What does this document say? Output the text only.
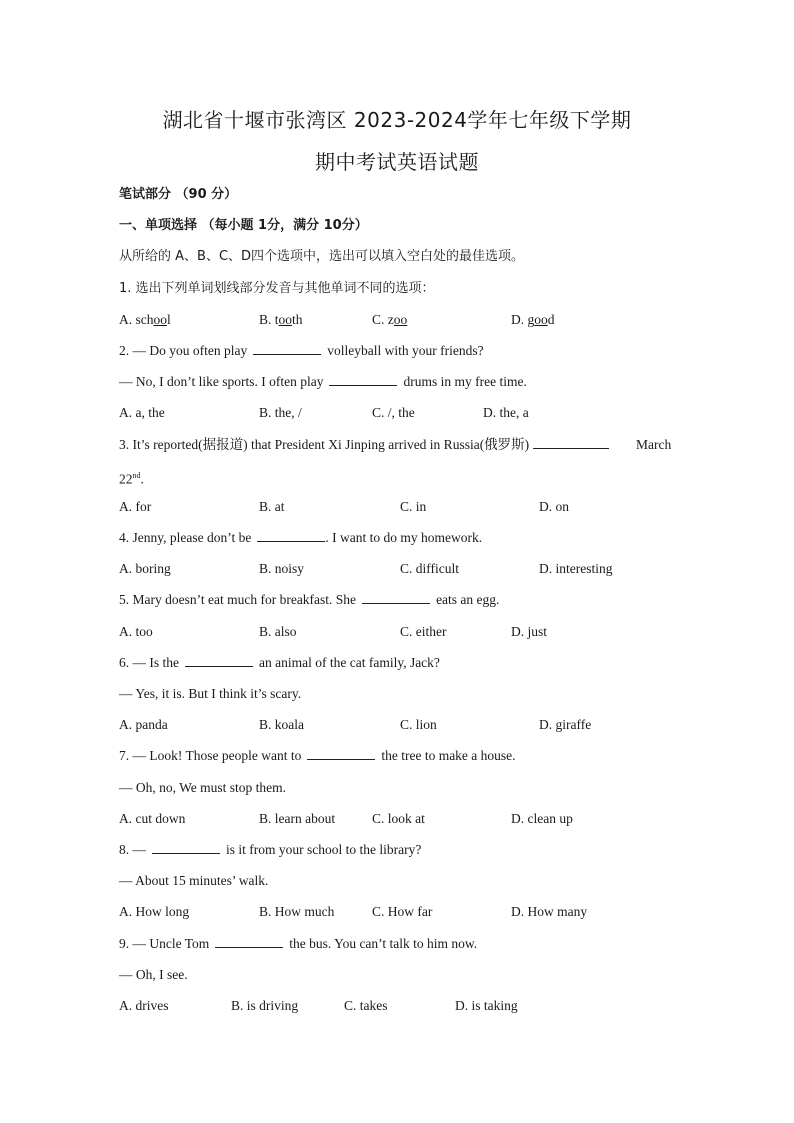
湖北省十堰市张湾区 2023-2024学年七年级下学期
期中考试英语试题
笔试部分 （90 分）
一、单项选择 （每小题 1分，满分 10分）
从所给的 A、B、C、D四个选项中，选出可以填入空白处的最佳选项。
1. 选出下列单词划线部分发音与其他单词不同的选项：
A. school	B. tooth	C. zoo	D. good
2. — Do you often play	volleyball with your friends?
— No, I don’t like sports. I often play	drums in my free time.
A. a, the	B. the, /	C. /, the	D. the, a
3. It’s reported(据报道) that President Xi Jinping arrived in Russia(俄罗斯)	March
22nd.
A. for	B. at	C. in	D. on
4. Jenny, please don’t be	. I want to do my homework.
A. boring	B. noisy	C. difficult	D. interesting
5. Mary doesn’t eat much for breakfast. She	eats an egg.
A. too	B. also	C. either	D. just
6. — Is the	an animal of the cat family, Jack?
— Yes, it is. But I think it’s scary.
A. panda	B. koala	C. lion	D. giraffe
7. — Look! Those people want to	the tree to make a house.
— Oh, no, We must stop them.
A. cut down	B. learn about	C. look at	D. clean up
8. —	is it from your school to the library?
— About 15 minutes’ walk.
A. How long	B. How much	C. How far	D. How many
9. — Uncle Tom	the bus. You can’t talk to him now.
— Oh, I see.
A. drives	B. is driving	C. takes	D. is taking
